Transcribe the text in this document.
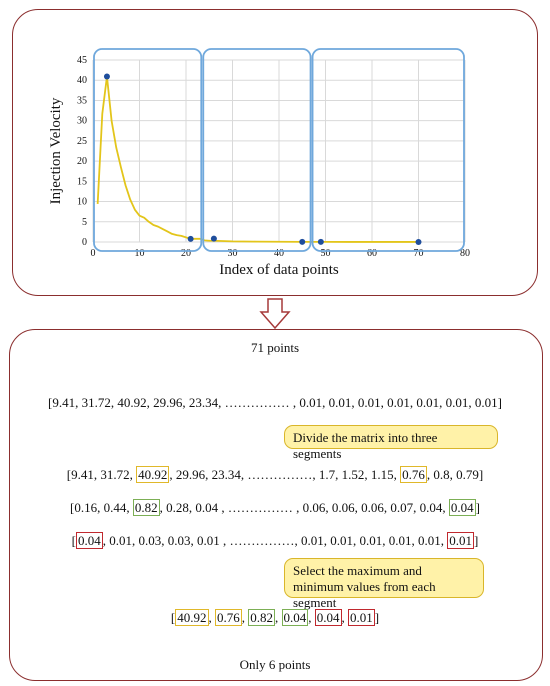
0
5
10
15
20
25
30
35
40
45
0	10	20	30	40	50	60	70	80
Injection Velocity
Index of data points
71 points
[9.41, 31.72, 40.92, 29.96, 23.34, …………… , 0.01, 0.01, 0.01, 0.01, 0.01, 0.01, 0.01]
Divide the matrix into three segments
[9.41, 31.72, 40.92 , 29.96, 23.34, ……………, 1.7, 1.52, 1.15, 0.76 , 0.8, 0.79]
[0.16, 0.44, 0.82 , 0.28, 0.04 , …………… , 0.06, 0.06, 0.06, 0.07, 0.04, 0.04 ]
[ 0.04 , 0.01, 0.03, 0.03, 0.01 , ……………, 0.01, 0.01, 0.01, 0.01, 0.01, 0.01 ]
Select the maximum and minimum values from each segment
[ 40.92 , 0.76 , 0.82 , 0.04 , 0.04 , 0.01 ]
Only 6 points
